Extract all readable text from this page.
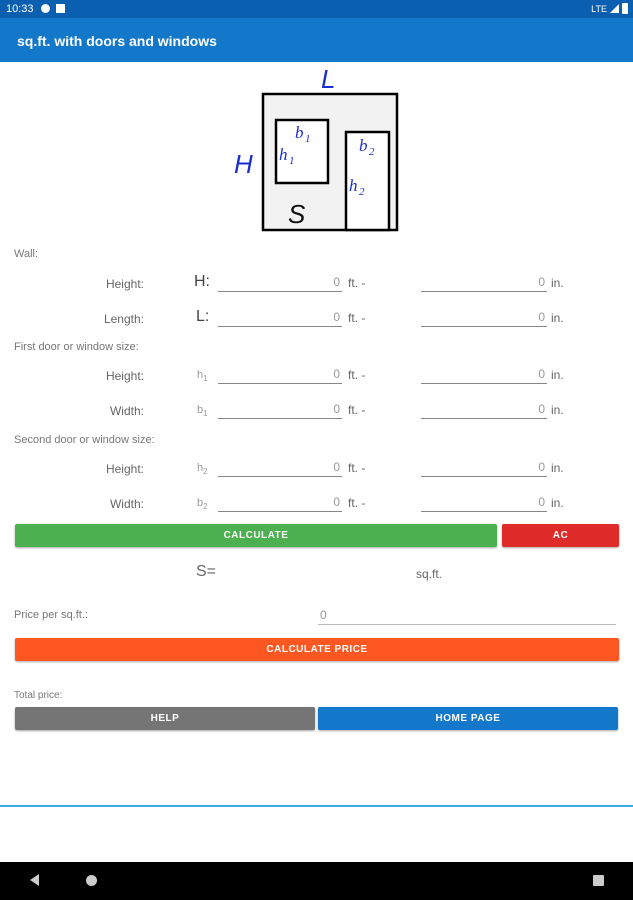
10:33	LTE
sq.ft. with doors and windows
L
H
S
b 1
h 1
b 2
h 2
Wall:
Height:	H:	0 ft. -	0 in.
Length:	L:	0 ft. -	0 in.
First door or window size:
Height:	$h_1$	0 ft. -	0 in.
Width:	$b_1$	0 ft. -	0 in.
Second door or window size:
Height:	$h_2$	0 ft. -	0 in.
Width:	$b_2$	0 ft. -	0 in.
CALCULATE	AC
S=	sq.ft.
Price per sq.ft.:	0
CALCULATE PRICE
Total price:
HELP	HOME PAGE
